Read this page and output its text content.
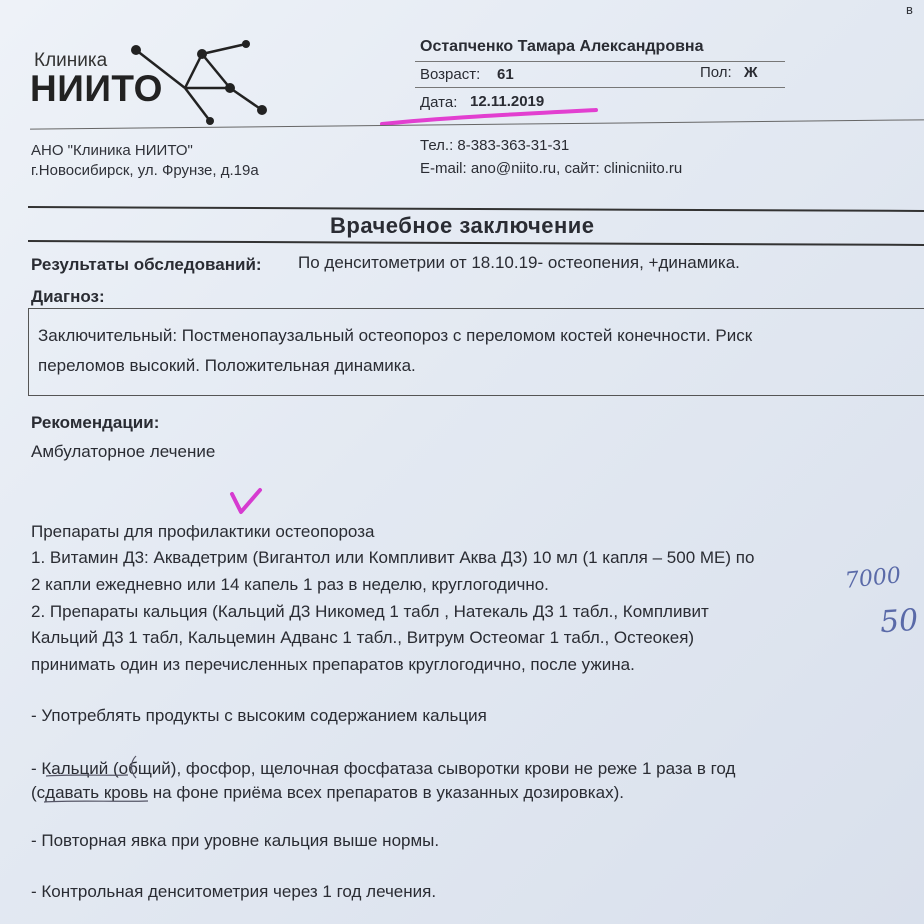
в
Клиника
НИИТО
АНО "Клиника НИИТО"
г.Новосибирск, ул. Фрунзе, д.19а
Остапченко Тамара Александровна
Возраст: 61	Пол: Ж
Дата: 12.11.2019
Тел.: 8-383-363-31-31
E-mail: ano@niito.ru, сайт: clinicniito.ru
Врачебное заключение
Результаты обследований: По денситометрии от 18.10.19- остеопения, +динамика.
Диагноз:
Заключительный: Постменопаузальный остеопороз с переломом костей конечности. Риск
переломов высокий. Положительная динамика.
Рекомендации:
Амбулаторное лечение
Препараты для профилактики остеопороза
1. Витамин Д3: Аквадетрим (Вигантол или Компливит Аква Д3) 10 мл (1 капля – 500 МЕ) по
2 капли ежедневно или 14 капель 1 раз в неделю, круглогодично.
2. Препараты кальция (Кальций Д3 Никомед 1 табл , Натекаль Д3 1 табл., Компливит
Кальций Д3 1 табл, Кальцемин Адванс 1 табл., Витрум Остеомаг 1 табл., Остеокея)
принимать один из перечисленных препаратов круглогодично, после ужина.
- Употреблять продукты с высоким содержанием кальция
- Кальций (общий), фосфор, щелочная фосфатаза сыворотки крови не реже 1 раза в год
(сдавать кровь на фоне приёма всех препаратов в указанных дозировках).
- Повторная явка при уровне кальция выше нормы.
- Контрольная денситометрия через 1 год лечения.
7000
50
